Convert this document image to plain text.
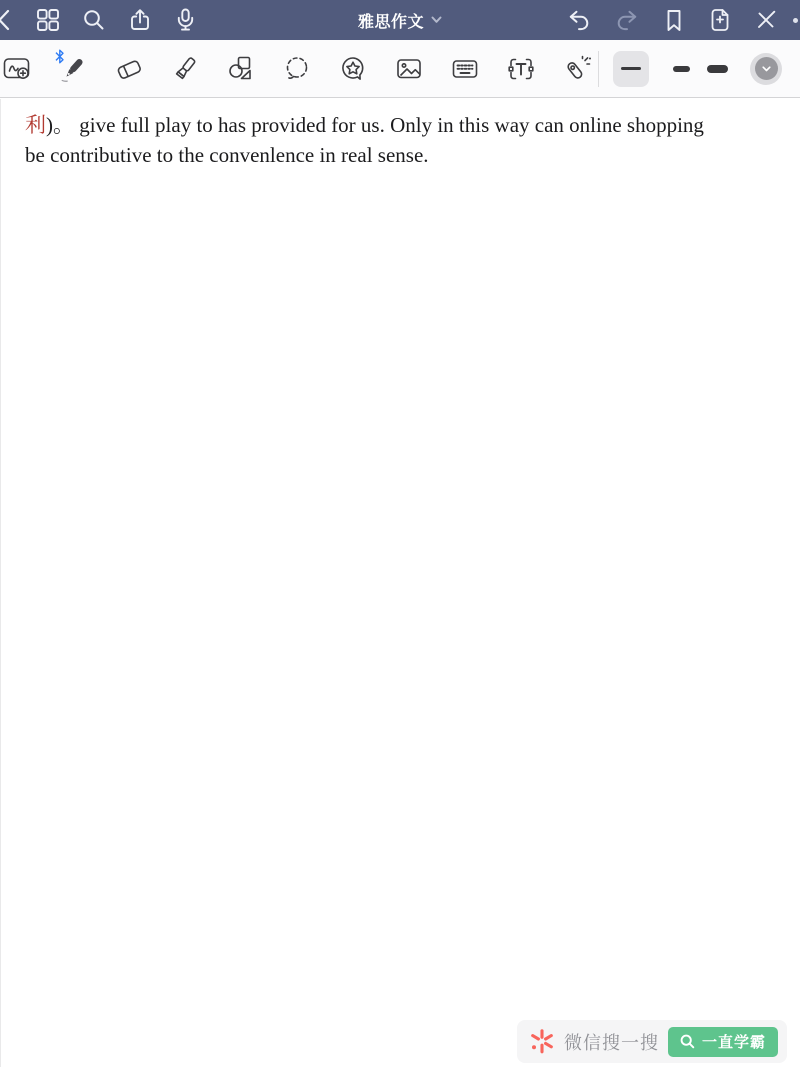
雅思作文
利)。 give full play to has provided for us. Only in this way can online shopping
be contributive to the convenlence in real sense.
微信搜一搜	一直学霸
